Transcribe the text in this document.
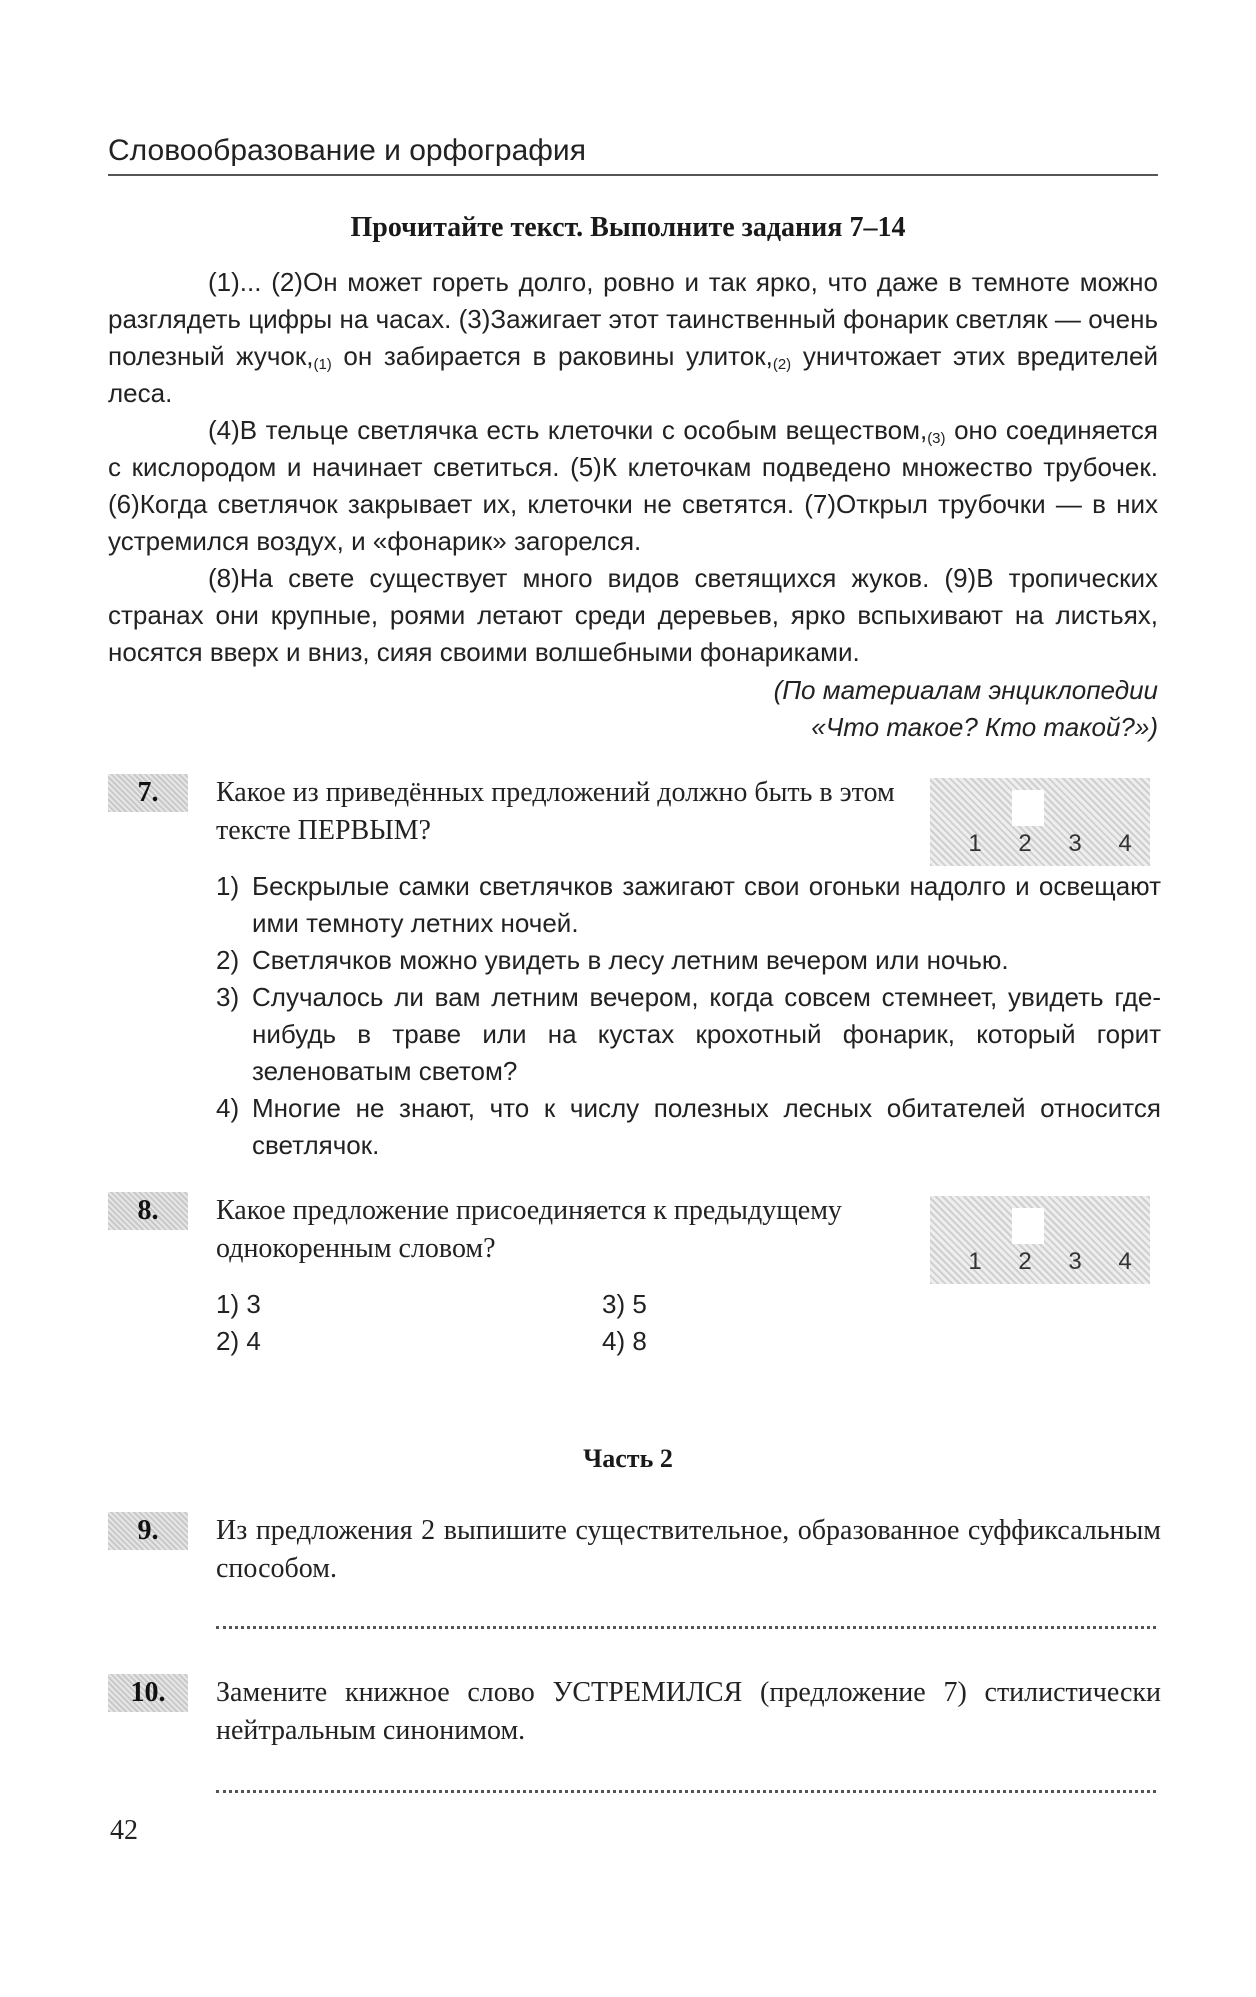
Словообразование и орфография
Прочитайте текст. Выполните задания 7–14

(1)... (2)Он может гореть долго, ровно и так ярко, что даже в темноте можно разглядеть цифры на часах. (3)Зажигает этот таинственный фонарик светляк — очень полезный $жучок,_{(1)}$ он забирается в раковины $улиток,_{(2)}$ уничтожает этих вредителей леса.

(4)В тельце светлячка есть клеточки с особым $веществом,_{(3)}$ оно соединяется с кислородом и начинает светиться. (5)К клеточкам подведено множество трубочек. (6)Когда светлячок закрывает их, клеточки не светятся. (7)Открыл трубочки — в них устремился воздух, и «фонарик» загорелся.

(8)На свете существует много видов светящихся жуков. (9)В тропических странах они крупные, роями летают среди деревьев, ярко вспыхивают на листьях, носятся вверх и вниз, сияя своими волшебными фонариками.

(По материалам энциклопедии
«Что такое? Кто такой?»)
7.	Какое из приведённых предложений должно быть в этом тексте ПЕРВЫМ?	1	2	3	4
1) Бескрылые самки светлячков зажигают свои огоньки надолго и освещают ими темноту летних ночей.
2) Светлячков можно увидеть в лесу летним вечером или ночью.
3) Случалось ли вам летним вечером, когда совсем стемнеет, увидеть где-нибудь в траве или на кустах крохотный фонарик, который горит зеленоватым светом?
4) Многие не знают, что к числу полезных лесных обитателей относится светлячок.
8.	Какое предложение присоединяется к предыдущему однокоренным словом?	1	2	3	4
1) 3
2) 4
3) 5
4) 8
Часть 2
9.	Из предложения 2 выпишите существительное, образованное суффиксальным способом.
10.	Замените книжное слово УСТРЕМИЛСЯ (предложение 7) стилистически нейтральным синонимом.
42
